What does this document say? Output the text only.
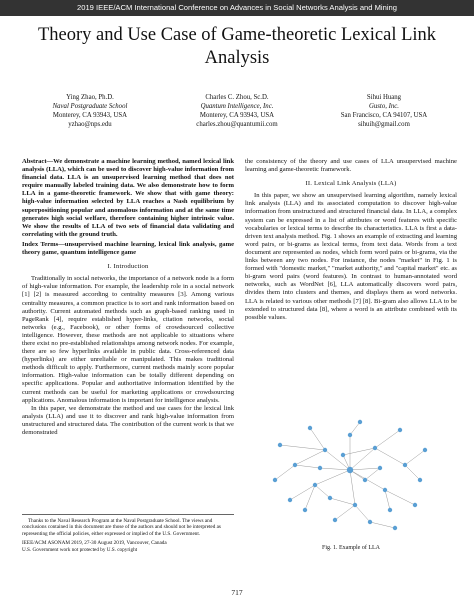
2019 IEEE/ACM International Conference on Advances in Social Networks Analysis and Mining
Theory and Use Case of Game-theoretic Lexical Link Analysis
Ying Zhao, Ph.D.
Naval Postgraduate School
Monterey, CA 93943, USA
yzhao@nps.edu
Charles C. Zhou, Sc.D.
Quantum Intelligence, Inc.
Monterey, CA 93943, USA
charles.zhou@quantumii.com
Sihui Huang
Gusto, Inc.
San Francisco, CA 94107, USA
sihuih@gmail.com
Abstract—We demonstrate a machine learning method, named lexical link analysis (LLA), which can be used to discover high-value information from financial data. LLA is an unsupervised learning method that does not require manually labeled training data. We also demonstrate how to form LLA in a game-theoretic framework. We show that with game theory: high-value information selected by LLA reaches a Nash equilibrium by superpositioning popular and anomalous information and at the same time generates high social welfare, therefore containing higher intrinsic value. We show the results of LLA of two sets of financial data validating and correlating with the ground truth.
Index Terms—unsupervised machine learning, lexical link analysis, game theory game, quantum intelligence game
I. Introduction

Traditionally in social networks, the importance of a network node is a form of high-value information. For example, the leadership role in a social network [1] [2] is measured according to centrality measures [3]. Among various centrality measures, a common practice is to sort and rank information based on authority. Current automated methods such as graph-based ranking used in PageRank [4], require established hyper-links, citation networks, social networks (e.g., Facebook), or other forms of crowdsourced collective intelligence. However, these methods are not applicable to situations where there exist no pre-established relationships among network nodes. For example, there are so few hyperlinks available in public data. Cross-referenced data (hyperlinks) are either unreliable or manipulated. This makes traditional methods difficult to apply. Furthermore, current methods mainly score popular information. High-value information can be totally different depending on specific applications. Popular and authoritative information identified by the current methods can be useful for marketing applications or crowdsourcing applications. Anomalous information is important for intelligence analysis.

In this paper, we demonstrate the method and use cases for the lexical link analysis (LLA) and use it to discover and rank high-value information from unstructured and structured data. The contribution of the current work is that we demonstrated

Thanks to the Naval Research Program at the Naval Postgraduate School. The views and conclusions contained in this document are those of the authors and should not be interpreted as representing the official policies, either expressed or implied of the U.S. Government.

IEEE/ACM ASONAM 2019, 27-30 August 2019, Vancouver, Canada
U.S. Government work not protected by U.S. copyright
the consistency of the theory and use cases of LLA unsupervised machine learning and game-theoretic framework.
II. Lexical Link Analysis (LLA)

In this paper, we show an unsupervised learning algorithm, namely lexical link analysis (LLA) and its associated computation to discover high-value information from unstructured and structured financial data. In LLA, a complex system can be expressed in a list of attributes or word features with specific vocabularies or lexical terms to describe its characteristics. LLA is first a data-driven text analysis method. Fig. 1 shows an example of extracting and learning word pairs, or bi-grams as lexical terms, from text data. Words from a text document are represented as nodes, which form word pairs or bi-grams, via the links between any two nodes. For instance, the nodes "market" in Fig. 1 is formed with "domestic market," "market authority," and "capital market" etc. as bi-gram word pairs (word features). In contrast to human-annotated word networks, such as WordNet [6], LLA automatically discovers word pairs, divides them into clusters and themes, and displays them as word networks. LLA is related to various other methods [7] [8]. Bi-gram also allows LLA to be extended to structured data [8], where a word is an attribute combined with its possible values.

Fig. 1. Example of LLA
717
